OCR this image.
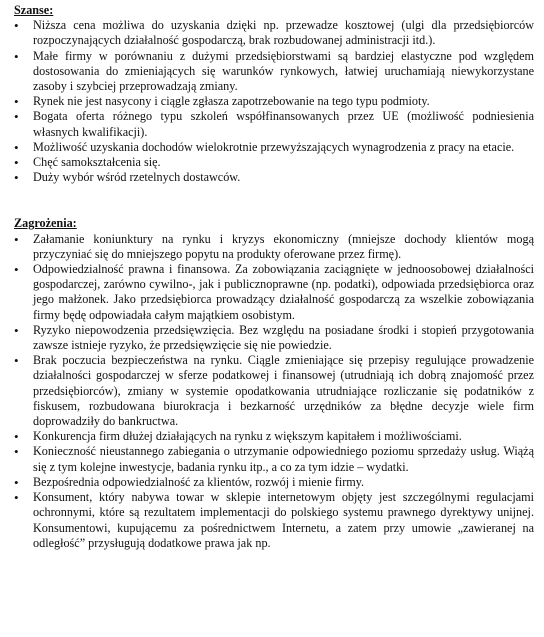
Szanse:

• Niższa cena możliwa do uzyskania dzięki np. przewadze kosztowej (ulgi dla przedsiębiorców rozpoczynających działalność gospodarczą, brak rozbudowanej administracji itd.).
• Małe firmy w porównaniu z dużymi przedsiębiorstwami są bardziej elastyczne pod względem dostosowania do zmieniających się warunków rynkowych, łatwiej uruchamiają niewykorzystane zasoby i szybciej przeprowadzają zmiany.
• Rynek nie jest nasycony i ciągle zgłasza zapotrzebowanie na tego typu podmioty.
• Bogata oferta różnego typu szkoleń współfinansowanych przez UE (możliwość podniesienia własnych kwalifikacji).
• Możliwość uzyskania dochodów wielokrotnie przewyższających wynagrodzenia z pracy na etacie.
• Chęć samokształcenia się.
• Duży wybór wśród rzetelnych dostawców.

Zagrożenia:

• Załamanie koniunktury na rynku i kryzys ekonomiczny (mniejsze dochody klientów mogą przyczyniać się do mniejszego popytu na produkty oferowane przez firmę).
• Odpowiedzialność prawna i finansowa. Za zobowiązania zaciągnięte w jednoosobowej działalności gospodarczej, zarówno cywilno-, jak i publicznoprawne (np. podatki), odpowiada przedsiębiorca oraz jego małżonek. Jako przedsiębiorca prowadzący działalność gospodarczą za wszelkie zobowiązania firmy będę odpowiadała całym majątkiem osobistym.
• Ryzyko niepowodzenia przedsięwzięcia. Bez względu na posiadane środki i stopień przygotowania zawsze istnieje ryzyko, że przedsięwzięcie się nie powiedzie.
• Brak poczucia bezpieczeństwa na rynku. Ciągle zmieniające się przepisy regulujące prowadzenie działalności gospodarczej w sferze podatkowej i finansowej (utrudniają ich dobrą znajomość przez przedsiębiorców), zmiany w systemie opodatkowania utrudniające rozliczanie się podatników z fiskusem, rozbudowana biurokracja i bezkarność urzędników za błędne decyzje wiele firm doprowadziły do bankructwa.
• Konkurencja firm dłużej działających na rynku z większym kapitałem i możliwościami.
• Konieczność nieustannego zabiegania o utrzymanie odpowiedniego poziomu sprzedaży usług. Wiążą się z tym kolejne inwestycje, badania rynku itp., a co za tym idzie – wydatki.
• Bezpośrednia odpowiedzialność za klientów, rozwój i mienie firmy.
• Konsument, który nabywa towar w sklepie internetowym objęty jest szczególnymi regulacjami ochronnymi, które są rezultatem implementacji do polskiego systemu prawnego dyrektywy unijnej. Konsumentowi, kupującemu za pośrednictwem Internetu, a zatem przy umowie „zawieranej na odległość” przysługują dodatkowe prawa jak np.
